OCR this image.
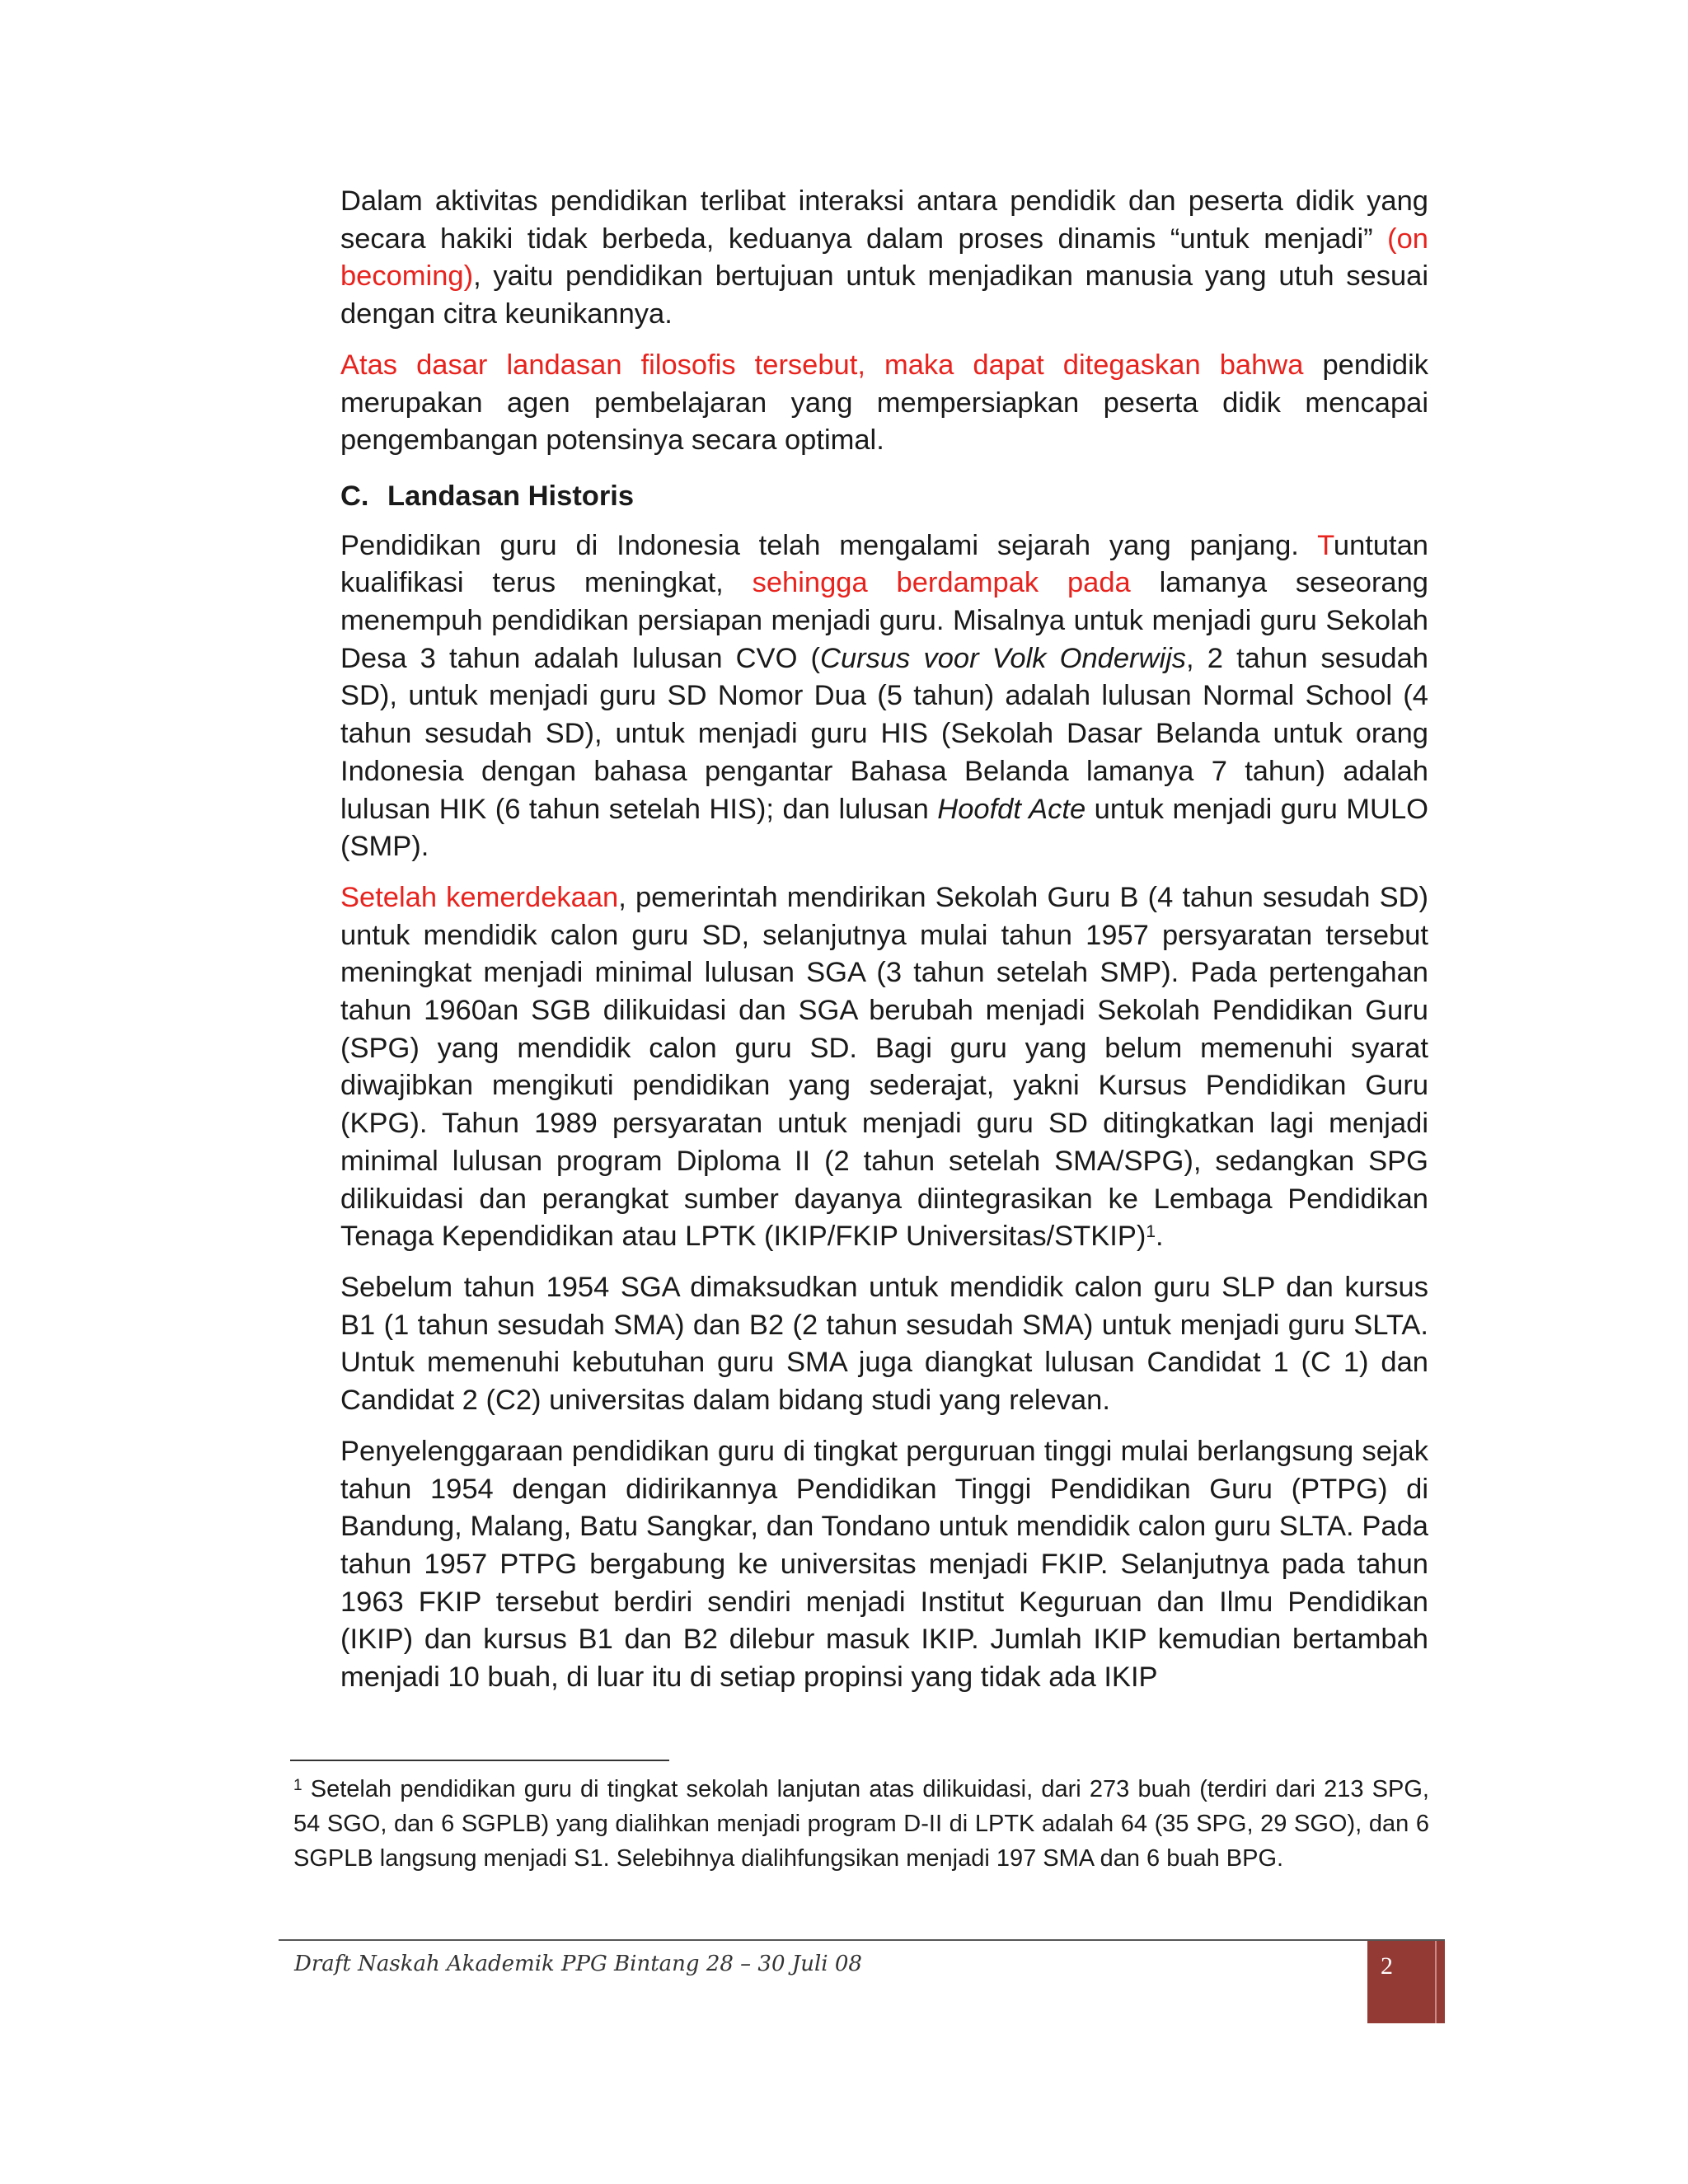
Dalam aktivitas pendidikan terlibat interaksi antara pendidik dan peserta didik yang secara hakiki tidak berbeda, keduanya dalam proses dinamis “untuk menjadi” (on becoming), yaitu pendidikan bertujuan untuk menjadikan manusia yang utuh sesuai dengan citra keunikannya.

Atas dasar landasan filosofis tersebut, maka dapat ditegaskan bahwa pendidik merupakan agen pembelajaran yang mempersiapkan peserta didik mencapai pengembangan potensinya secara optimal.

C. Landasan Historis

Pendidikan guru di Indonesia telah mengalami sejarah yang panjang. Tuntutan kualifikasi terus meningkat, sehingga berdampak pada lamanya seseorang menempuh pendidikan persiapan menjadi guru. Misalnya untuk menjadi guru Sekolah Desa 3 tahun adalah lulusan CVO (Cursus voor Volk Onderwijs, 2 tahun sesudah SD), untuk menjadi guru SD Nomor Dua (5 tahun) adalah lulusan Normal School (4 tahun sesudah SD), untuk menjadi guru HIS (Sekolah Dasar Belanda untuk orang Indonesia dengan bahasa pengantar Bahasa Belanda lamanya 7 tahun) adalah lulusan HIK (6 tahun setelah HIS); dan lulusan Hoofdt Acte untuk menjadi guru MULO (SMP).

Setelah kemerdekaan, pemerintah mendirikan Sekolah Guru B (4 tahun sesudah SD) untuk mendidik calon guru SD, selanjutnya mulai tahun 1957 persyaratan tersebut meningkat menjadi minimal lulusan SGA (3 tahun setelah SMP). Pada pertengahan tahun 1960an SGB dilikuidasi dan SGA berubah menjadi Sekolah Pendidikan Guru (SPG) yang mendidik calon guru SD. Bagi guru yang belum memenuhi syarat diwajibkan mengikuti pendidikan yang sederajat, yakni Kursus Pendidikan Guru (KPG). Tahun 1989 persyaratan untuk menjadi guru SD ditingkatkan lagi menjadi minimal lulusan program Diploma II (2 tahun setelah SMA/SPG), sedangkan SPG dilikuidasi dan perangkat sumber dayanya diintegrasikan ke Lembaga Pendidikan Tenaga Kependidikan atau LPTK (IKIP/FKIP Universitas/STKIP)$^1$.

Sebelum tahun 1954 SGA dimaksudkan untuk mendidik calon guru SLP dan kursus B1 (1 tahun sesudah SMA) dan B2 (2 tahun sesudah SMA) untuk menjadi guru SLTA. Untuk memenuhi kebutuhan guru SMA juga diangkat lulusan Candidat 1 (C 1) dan Candidat 2 (C2) universitas dalam bidang studi yang relevan.

Penyelenggaraan pendidikan guru di tingkat perguruan tinggi mulai berlangsung sejak tahun 1954 dengan didirikannya Pendidikan Tinggi Pendidikan Guru (PTPG) di Bandung, Malang, Batu Sangkar, dan Tondano untuk mendidik calon guru SLTA. Pada tahun 1957 PTPG bergabung ke universitas menjadi FKIP. Selanjutnya pada tahun 1963 FKIP tersebut berdiri sendiri menjadi Institut Keguruan dan Ilmu Pendidikan (IKIP) dan kursus B1 dan B2 dilebur masuk IKIP. Jumlah IKIP kemudian bertambah menjadi 10 buah, di luar itu di setiap propinsi yang tidak ada IKIP

$^1$ Setelah pendidikan guru di tingkat sekolah lanjutan atas dilikuidasi, dari 273 buah (terdiri dari 213 SPG, 54 SGO, dan 6 SGPLB) yang dialihkan menjadi program D-II di LPTK adalah 64 (35 SPG, 29 SGO), dan 6 SGPLB langsung menjadi S1. Selebihnya dialihfungsikan menjadi 197 SMA dan 6 buah BPG.
Draft Naskah Akademik PPG Bintang 28 – 30 Juli 08	2
